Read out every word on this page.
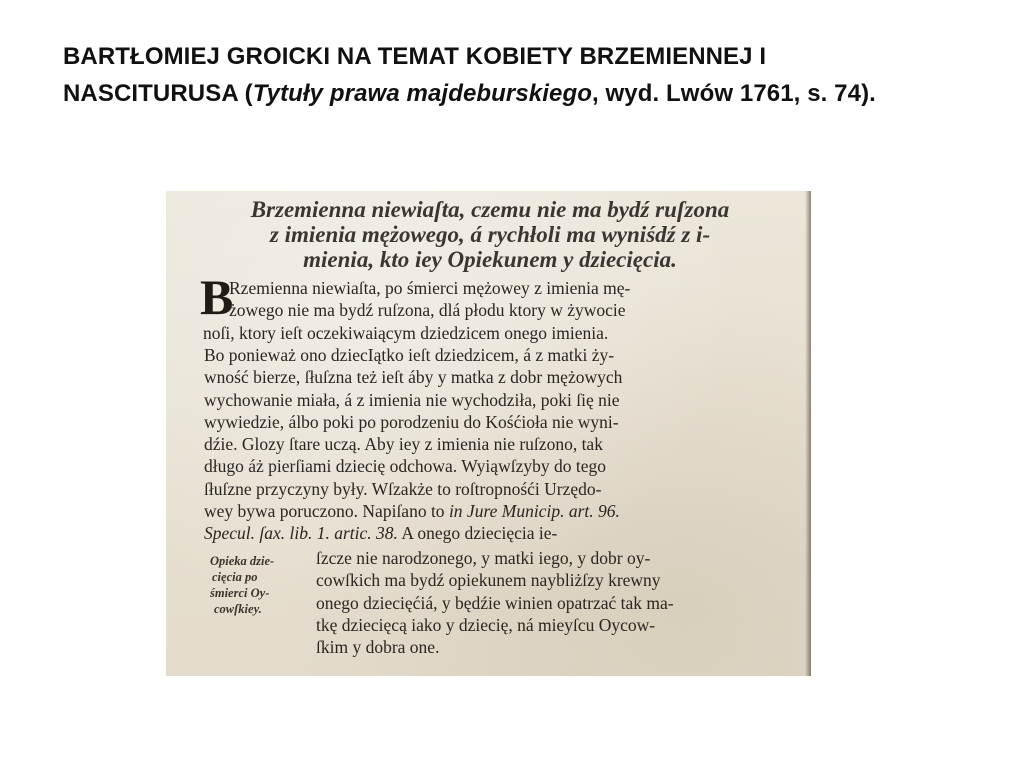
BARTŁOMIEJ GROICKI NA TEMAT KOBIETY BRZEMIENNEJ I NASCITURUSA (Tytuły prawa majdeburskiego, wyd. Lwów 1761, s. 74).
Brzemienna niewiaſta, czemu nie ma bydź ruſzona
z imienia mężowego, á rychłoli ma wyniśdź z i-
mienia, kto iey Opiekunem y dziecięcia.
B
Rzemienna niewiaſta, po śmierci mężowey z imienia mę-
żowego nie ma bydź ruſzona, dlá płodu ktory w żywocie
noſi, ktory ieſt oczekiwaiącym dziedzicem onego imienia.
Bo ponieważ ono dziecIątko ieſt dziedzicem, á z matki ży-
wność bierze, ſłuſzna też ieſt áby y matka z dobr mężowych
wychowanie miała, á z imienia nie wychodziła, poki ſię nie
wywiedzie, álbo poki po porodzeniu do Kośćioła nie wyni-
dźie. Glozy ſtare uczą. Aby iey z imienia nie ruſzono, tak
długo áż pierſiami dziecię odchowa. Wyiąwſzyby do tego
ſłuſzne przyczyny były. Wſzakże to roſtropnośći Urzędo-
wey bywa poruczono. Napiſano to in Jure Municip. art. 96.
Specul. ſax. lib. 1. artic. 38. A onego dziecięcia ie-
ſzcze nie narodzonego, y matki iego, y dobr oy-
cowſkich ma bydź opiekunem naybliżſzy krewny
onego dziecięćiá, y będźie winien opatrzać tak ma-
tkę dziecięcą iako y dziecię, ná mieyſcu Oycow-
ſkim y dobra one.
Opieka dzie-
cięcia po
śmierci Oy-
cowſkiey.
